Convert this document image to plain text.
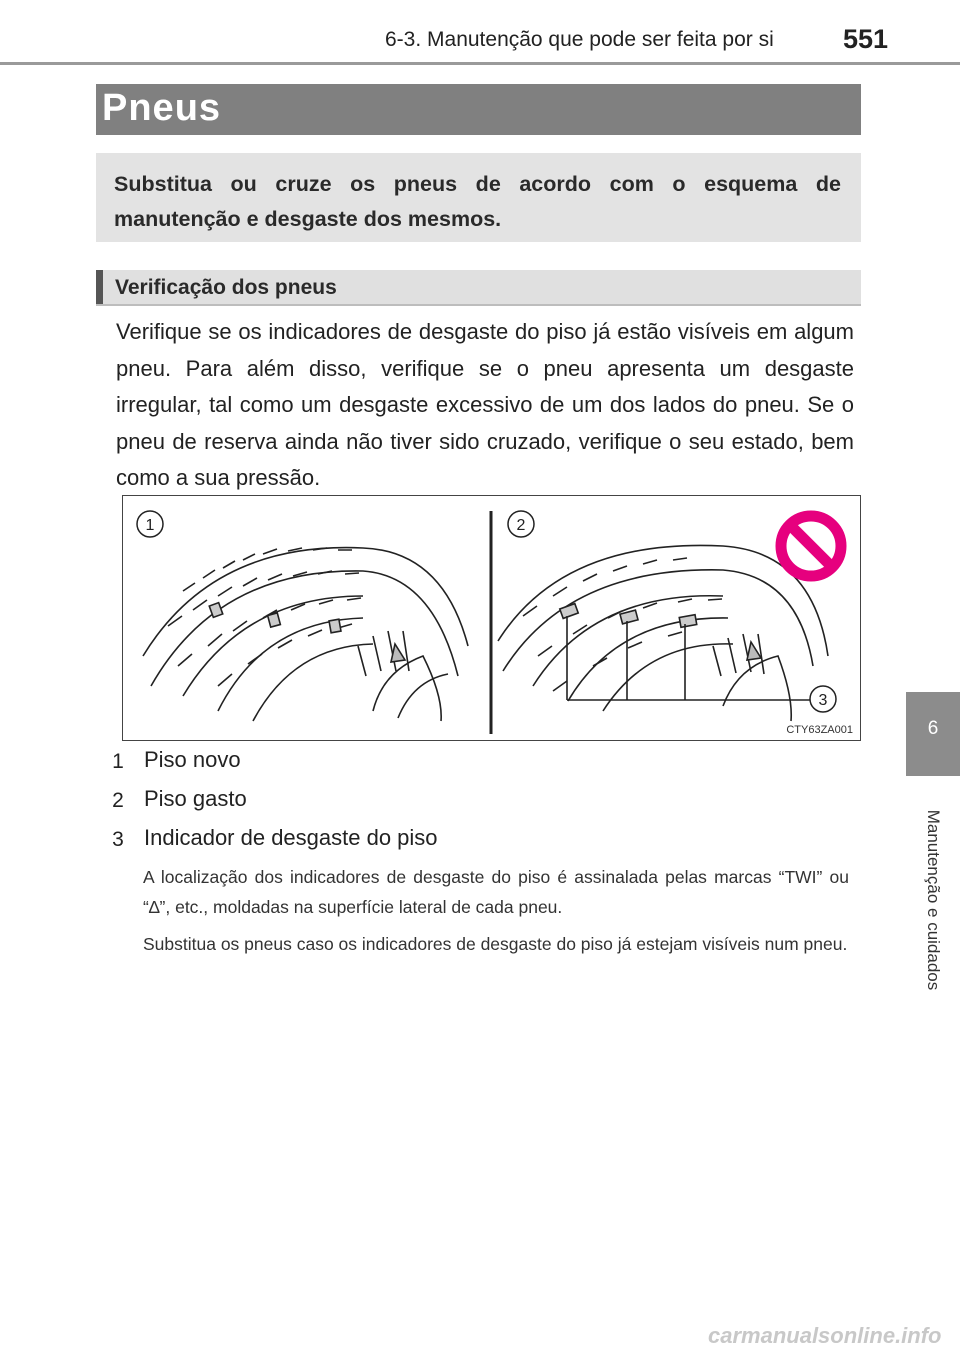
6-3. Manutenção que pode ser feita por si	551
6
Manutenção e cuidados
Pneus
Substitua ou cruze os pneus de acordo com o esquema de manutenção e desgaste dos mesmos.
Verificação dos pneus
Verifique se os indicadores de desgaste do piso já estão visíveis em algum pneu. Para além disso, verifique se o pneu apresenta um desgaste irregular, tal como um desgaste excessivo de um dos lados do pneu. Se o pneu de reserva ainda não tiver sido cruzado, verifique o seu estado, bem como a sua pressão.
1	2
3
CTY63ZA001
1 Piso novo
2 Piso gasto
3 Indicador de desgaste do piso
A localização dos indicadores de desgaste do piso é assinalada pelas marcas “TWI” ou “∆”, etc., moldadas na superfície lateral de cada pneu.
Substitua os pneus caso os indicadores de desgaste do piso já estejam visíveis num pneu.
carmanualsonline.info
